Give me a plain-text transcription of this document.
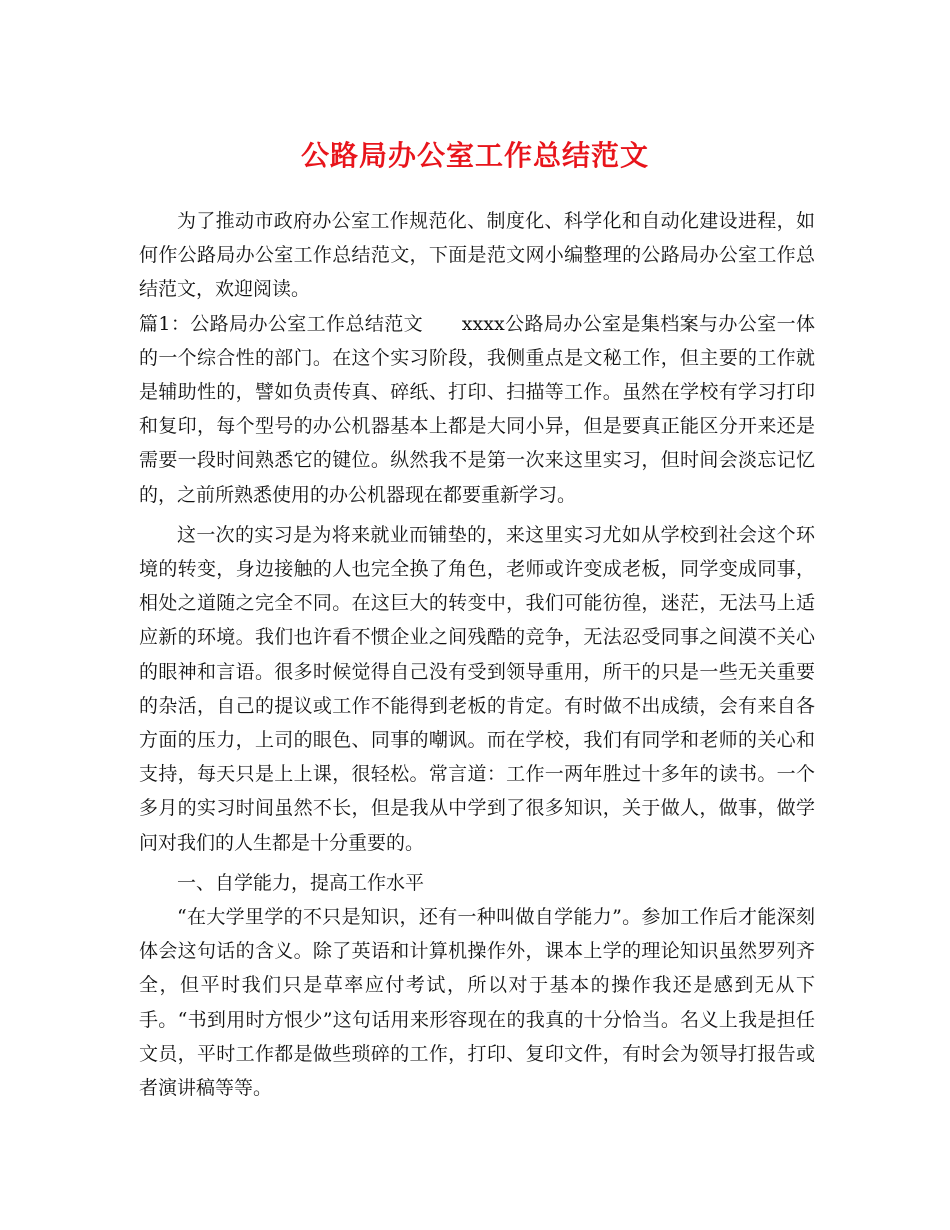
公路局办公室工作总结范文

为了推动市政府办公室工作规范化、制度化、科学化和自动化建设进程，如何作公路局办公室工作总结范文，下面是范文网小编整理的公路局办公室工作总结范文，欢迎阅读。

篇1：公路局办公室工作总结范文　　xxxx公路局办公室是集档案与办公室一体的一个综合性的部门。在这个实习阶段，我侧重点是文秘工作，但主要的工作就是辅助性的，譬如负责传真、碎纸、打印、扫描等工作。虽然在学校有学习打印和复印，每个型号的办公机器基本上都是大同小异，但是要真正能区分开来还是需要一段时间熟悉它的键位。纵然我不是第一次来这里实习，但时间会淡忘记忆的，之前所熟悉使用的办公机器现在都要重新学习。

这一次的实习是为将来就业而铺垫的，来这里实习尤如从学校到社会这个环境的转变，身边接触的人也完全换了角色，老师或许变成老板，同学变成同事，相处之道随之完全不同。在这巨大的转变中，我们可能彷徨，迷茫，无法马上适应新的环境。我们也许看不惯企业之间残酷的竞争，无法忍受同事之间漠不关心的眼神和言语。很多时候觉得自己没有受到领导重用，所干的只是一些无关重要的杂活，自己的提议或工作不能得到老板的肯定。有时做不出成绩，会有来自各方面的压力，上司的眼色、同事的嘲讽。而在学校，我们有同学和老师的关心和支持，每天只是上上课，很轻松。常言道：工作一两年胜过十多年的读书。一个多月的实习时间虽然不长，但是我从中学到了很多知识，关于做人，做事，做学问对我们的人生都是十分重要的。

一、自学能力，提高工作水平

“在大学里学的不只是知识，还有一种叫做自学能力”。参加工作后才能深刻体会这句话的含义。除了英语和计算机操作外，课本上学的理论知识虽然罗列齐全，但平时我们只是草率应付考试，所以对于基本的操作我还是感到无从下手。“书到用时方恨少”这句话用来形容现在的我真的十分恰当。名义上我是担任文员，平时工作都是做些琐碎的工作，打印、复印文件，有时会为领导打报告或者演讲稿等等。
